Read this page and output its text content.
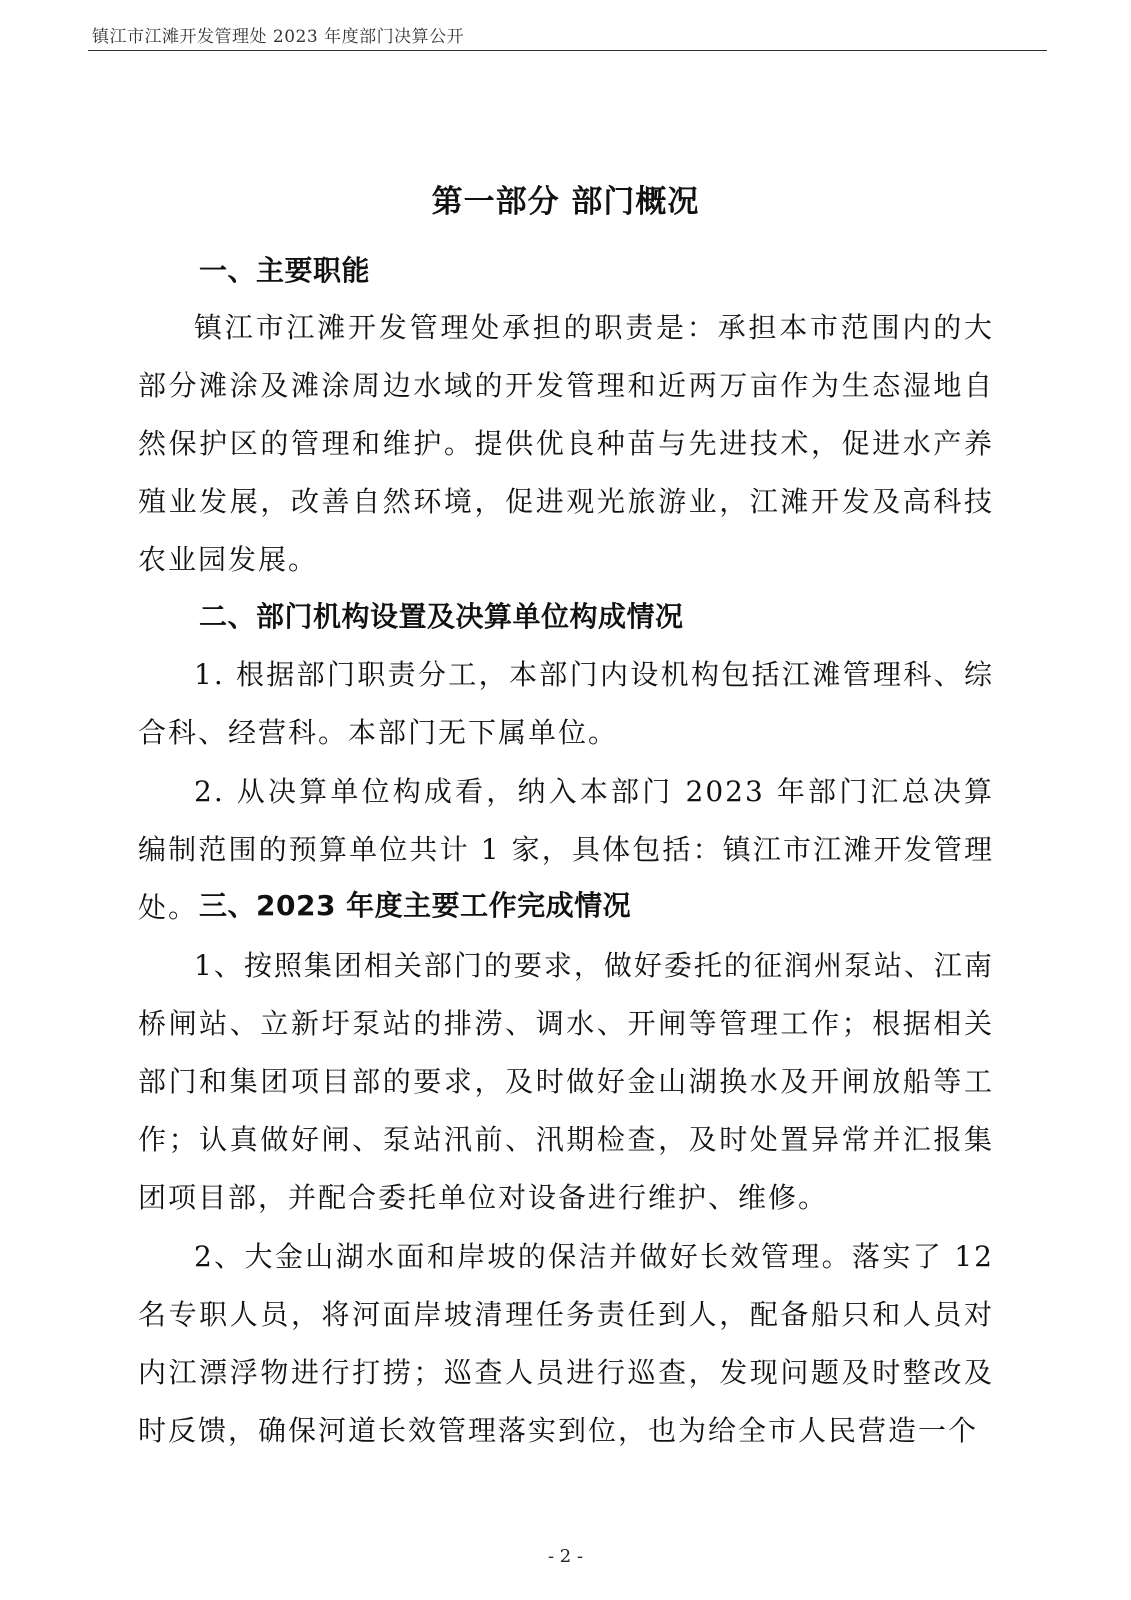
镇江市江滩开发管理处 2023 年度部门决算公开
第一部分 部门概况
一、主要职能
镇江市江滩开发管理处承担的职责是：承担本市范围内的大部分滩涂及滩涂周边水域的开发管理和近两万亩作为生态湿地自然保护区的管理和维护。提供优良种苗与先进技术，促进水产养殖业发展，改善自然环境，促进观光旅游业，江滩开发及高科技农业园发展。
二、部门机构设置及决算单位构成情况
1. 根据部门职责分工，本部门内设机构包括江滩管理科、综合科、经营科。本部门无下属单位。
2. 从决算单位构成看，纳入本部门 2023 年部门汇总决算编制范围的预算单位共计 1 家，具体包括：镇江市江滩开发管理处。 三、2023 年度主要工作完成情况
1、按照集团相关部门的要求，做好委托的征润州泵站、江南桥闸站、立新圩泵站的排涝、调水、开闸等管理工作；根据相关部门和集团项目部的要求，及时做好金山湖换水及开闸放船等工作；认真做好闸、泵站汛前、汛期检查，及时处置异常并汇报集团项目部，并配合委托单位对设备进行维护、维修。
2、大金山湖水面和岸坡的保洁并做好长效管理。落实了 12 名专职人员，将河面岸坡清理任务责任到人，配备船只和人员对内江漂浮物进行打捞；巡查人员进行巡查，发现问题及时整改及时反馈，确保河道长效管理落实到位，也为给全市人民营造一个
- 2 -
